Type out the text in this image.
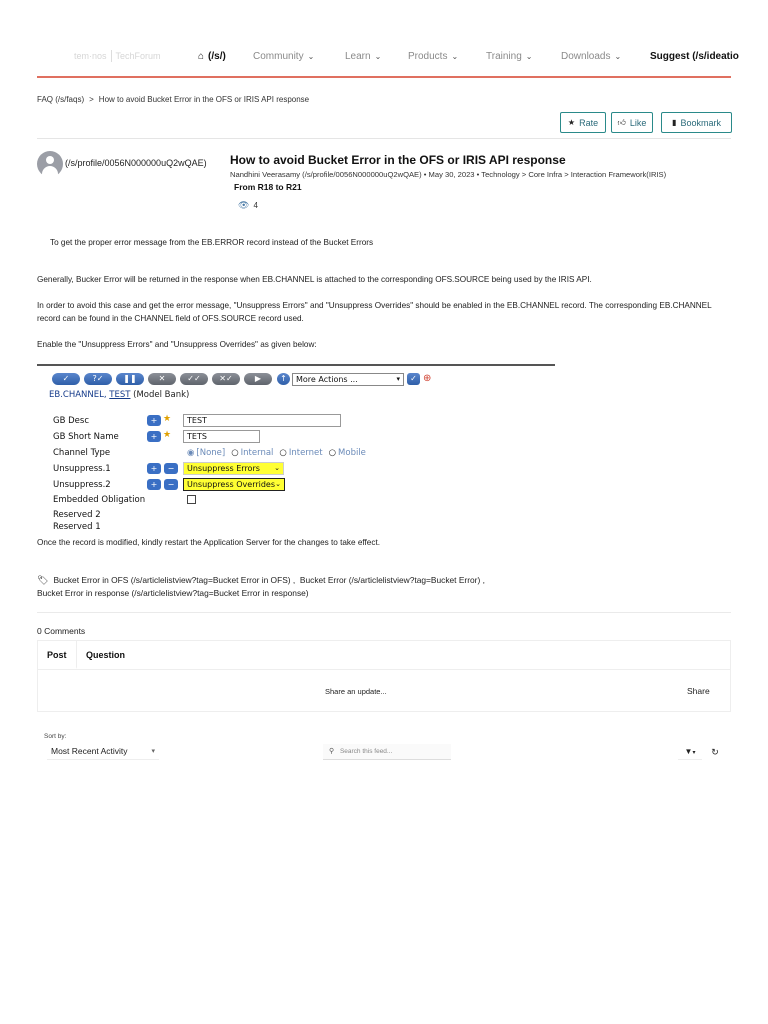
tem·nos TechForum	⌂ (/s/)	Community ⌄	Learn ⌄	Products ⌄	Training ⌄	Downloads ⌄	Suggest (/s/ideatio
FAQ (/s/faqs) > How to avoid Bucket Error in the OFS or IRIS API response
★ Rate 👍︎ Like	▮ Bookmark
(/s/profile/0056N000000uQ2wQAE) How to avoid Bucket Error in the OFS or IRIS API response
Nandhini Veerasamy (/s/profile/0056N000000uQ2wQAE) • May 30, 2023 • Technology > Core Infra > Interaction Framework(IRIS)
From R18 to R21
👁︎ 4
To get the proper error message from the EB.ERROR record instead of the Bucket Errors
Generally, Bucker Error will be returned in the response when EB.CHANNEL is attached to the corresponding OFS.SOURCE being used by the IRIS API.
In order to avoid this case and get the error message, "Unsuppress Errors" and "Unsuppress Overrides" should be enabled in the EB.CHANNEL record. The corresponding EB.CHANNEL record can be found in the CHANNEL field of OFS.SOURCE record used.
Enable the "Unsuppress Errors" and "Unsuppress Overrides" as given below:
✓	?✓	❚❚	✕	✓✓	✕✓	▶	↑	More Actions ...	▾	✓ ⊕
EB.CHANNEL, TEST (Model Bank)
GB Desc	+ ★	TEST
GB Short Name	+ ★	TETS
Channel Type	◉ [None] ○ Internal ○ Internet ○ Mobile
Unsuppress.1	+	−	Unsuppress Errors ⌄
Unsuppress.2	+	−	Unsuppress Overrides ⌄
Embedded Obligation
Reserved 2
Reserved 1
Once the record is modified, kindly restart the Application Server for the changes to take effect.
🏷︎ Bucket Error in OFS (/s/articlelistview?tag=Bucket Error in OFS) ,  Bucket Error (/s/articlelistview?tag=Bucket Error) ,
Bucket Error in response (/s/articlelistview?tag=Bucket Error in response)
0 Comments
Post	Question
Share an update...	Share
Sort by:
Most Recent Activity	▾	⚲ Search this feed...	▼▾	↻
